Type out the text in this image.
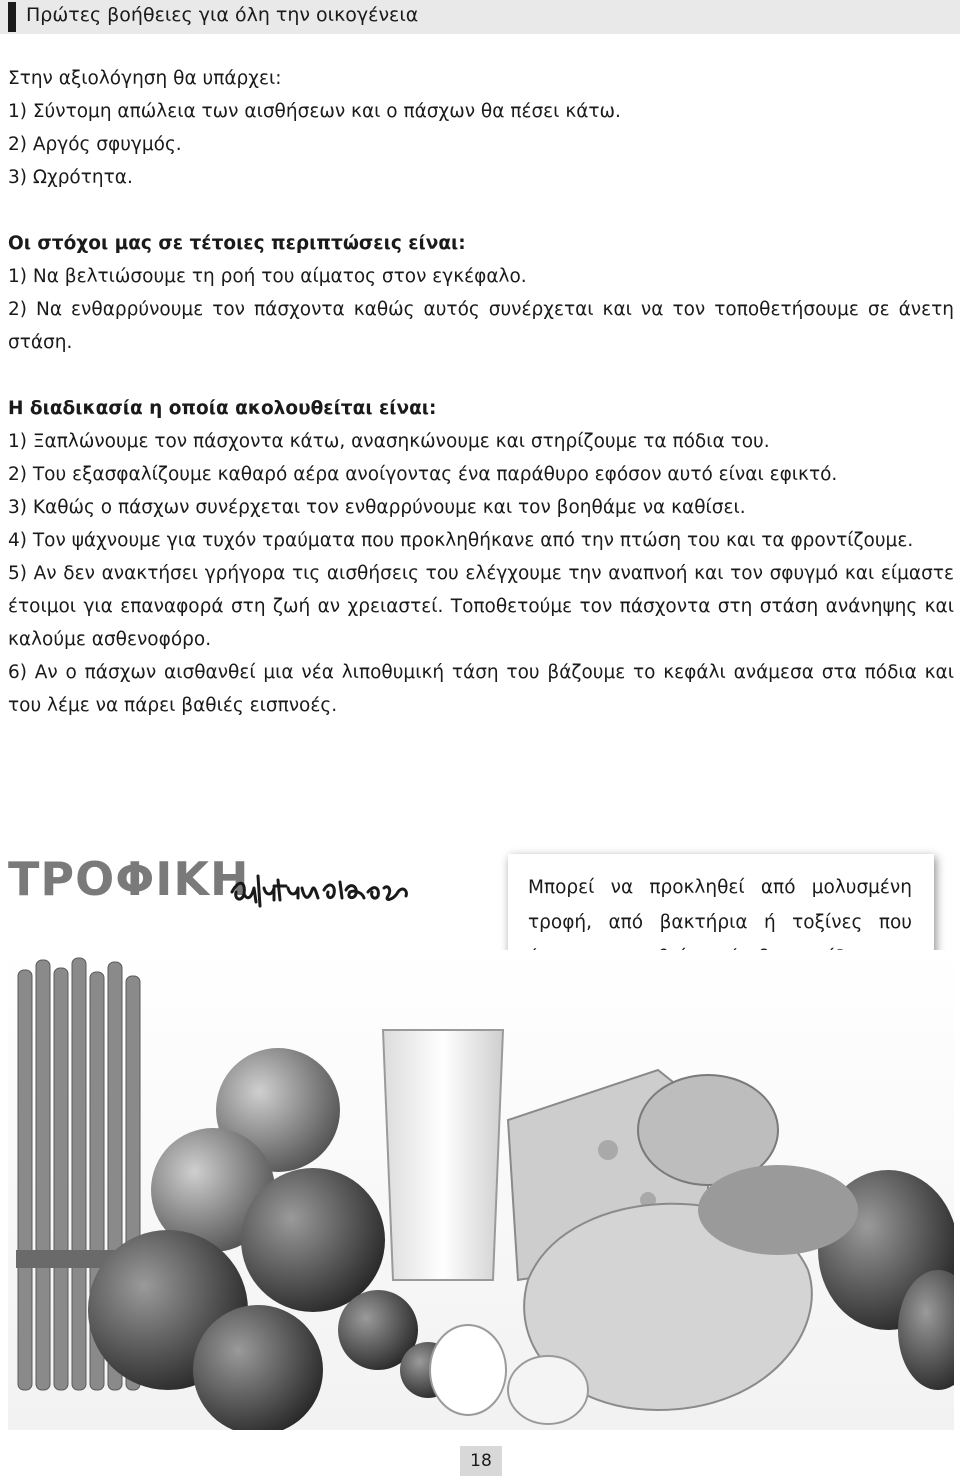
Πρώτες βοήθειες για όλη την οικογένεια
Στην αξιολόγηση θα υπάρχει:
1) Σύντομη απώλεια των αισθήσεων και ο πάσχων θα πέσει κάτω.
2) Αργός σφυγμός.
3) Ωχρότητα.
Οι στόχοι μας σε τέτοιες περιπτώσεις είναι:
1) Να βελτιώσουμε τη ροή του αίματος στον εγκέφαλο.
2) Να ενθαρρύνουμε τον πάσχοντα καθώς αυτός συνέρχεται και να τον τοποθετήσουμε σε άνετη στάση.
Η διαδικασία η οποία ακολουθείται είναι:
1) Ξαπλώνουμε τον πάσχοντα κάτω, ανασηκώνουμε και στηρίζουμε τα πόδια του.
2) Του εξασφαλίζουμε καθαρό αέρα ανοίγοντας ένα παράθυρο εφόσον αυτό είναι εφικτό.
3) Καθώς ο πάσχων συνέρχεται τον ενθαρρύνουμε και τον βοηθάμε να καθίσει.
4) Τον ψάχνουμε για τυχόν τραύματα που προκληθήκανε από την πτώση του και τα φροντίζουμε.
5) Αν δεν ανακτήσει γρήγορα τις αισθήσεις του ελέγχουμε την αναπνοή και τον σφυγμό και είμαστε έτοιμοι για επαναφορά στη ζωή αν χρειαστεί. Τοποθετούμε τον πάσχοντα στη στάση ανάνηψης και καλούμε ασθενοφόρο.
6) Αν ο πάσχων αισθανθεί μια νέα λιποθυμική τάση του βάζουμε το κεφάλι ανάμεσα στα πόδια και του λέμε να πάρει βαθιές εισπνοές.
ΤΡΟΦΙΚΗ	Μπορεί να προκληθεί από μολυσμένη τροφή, από βακτήρια ή τοξίνες που
18
